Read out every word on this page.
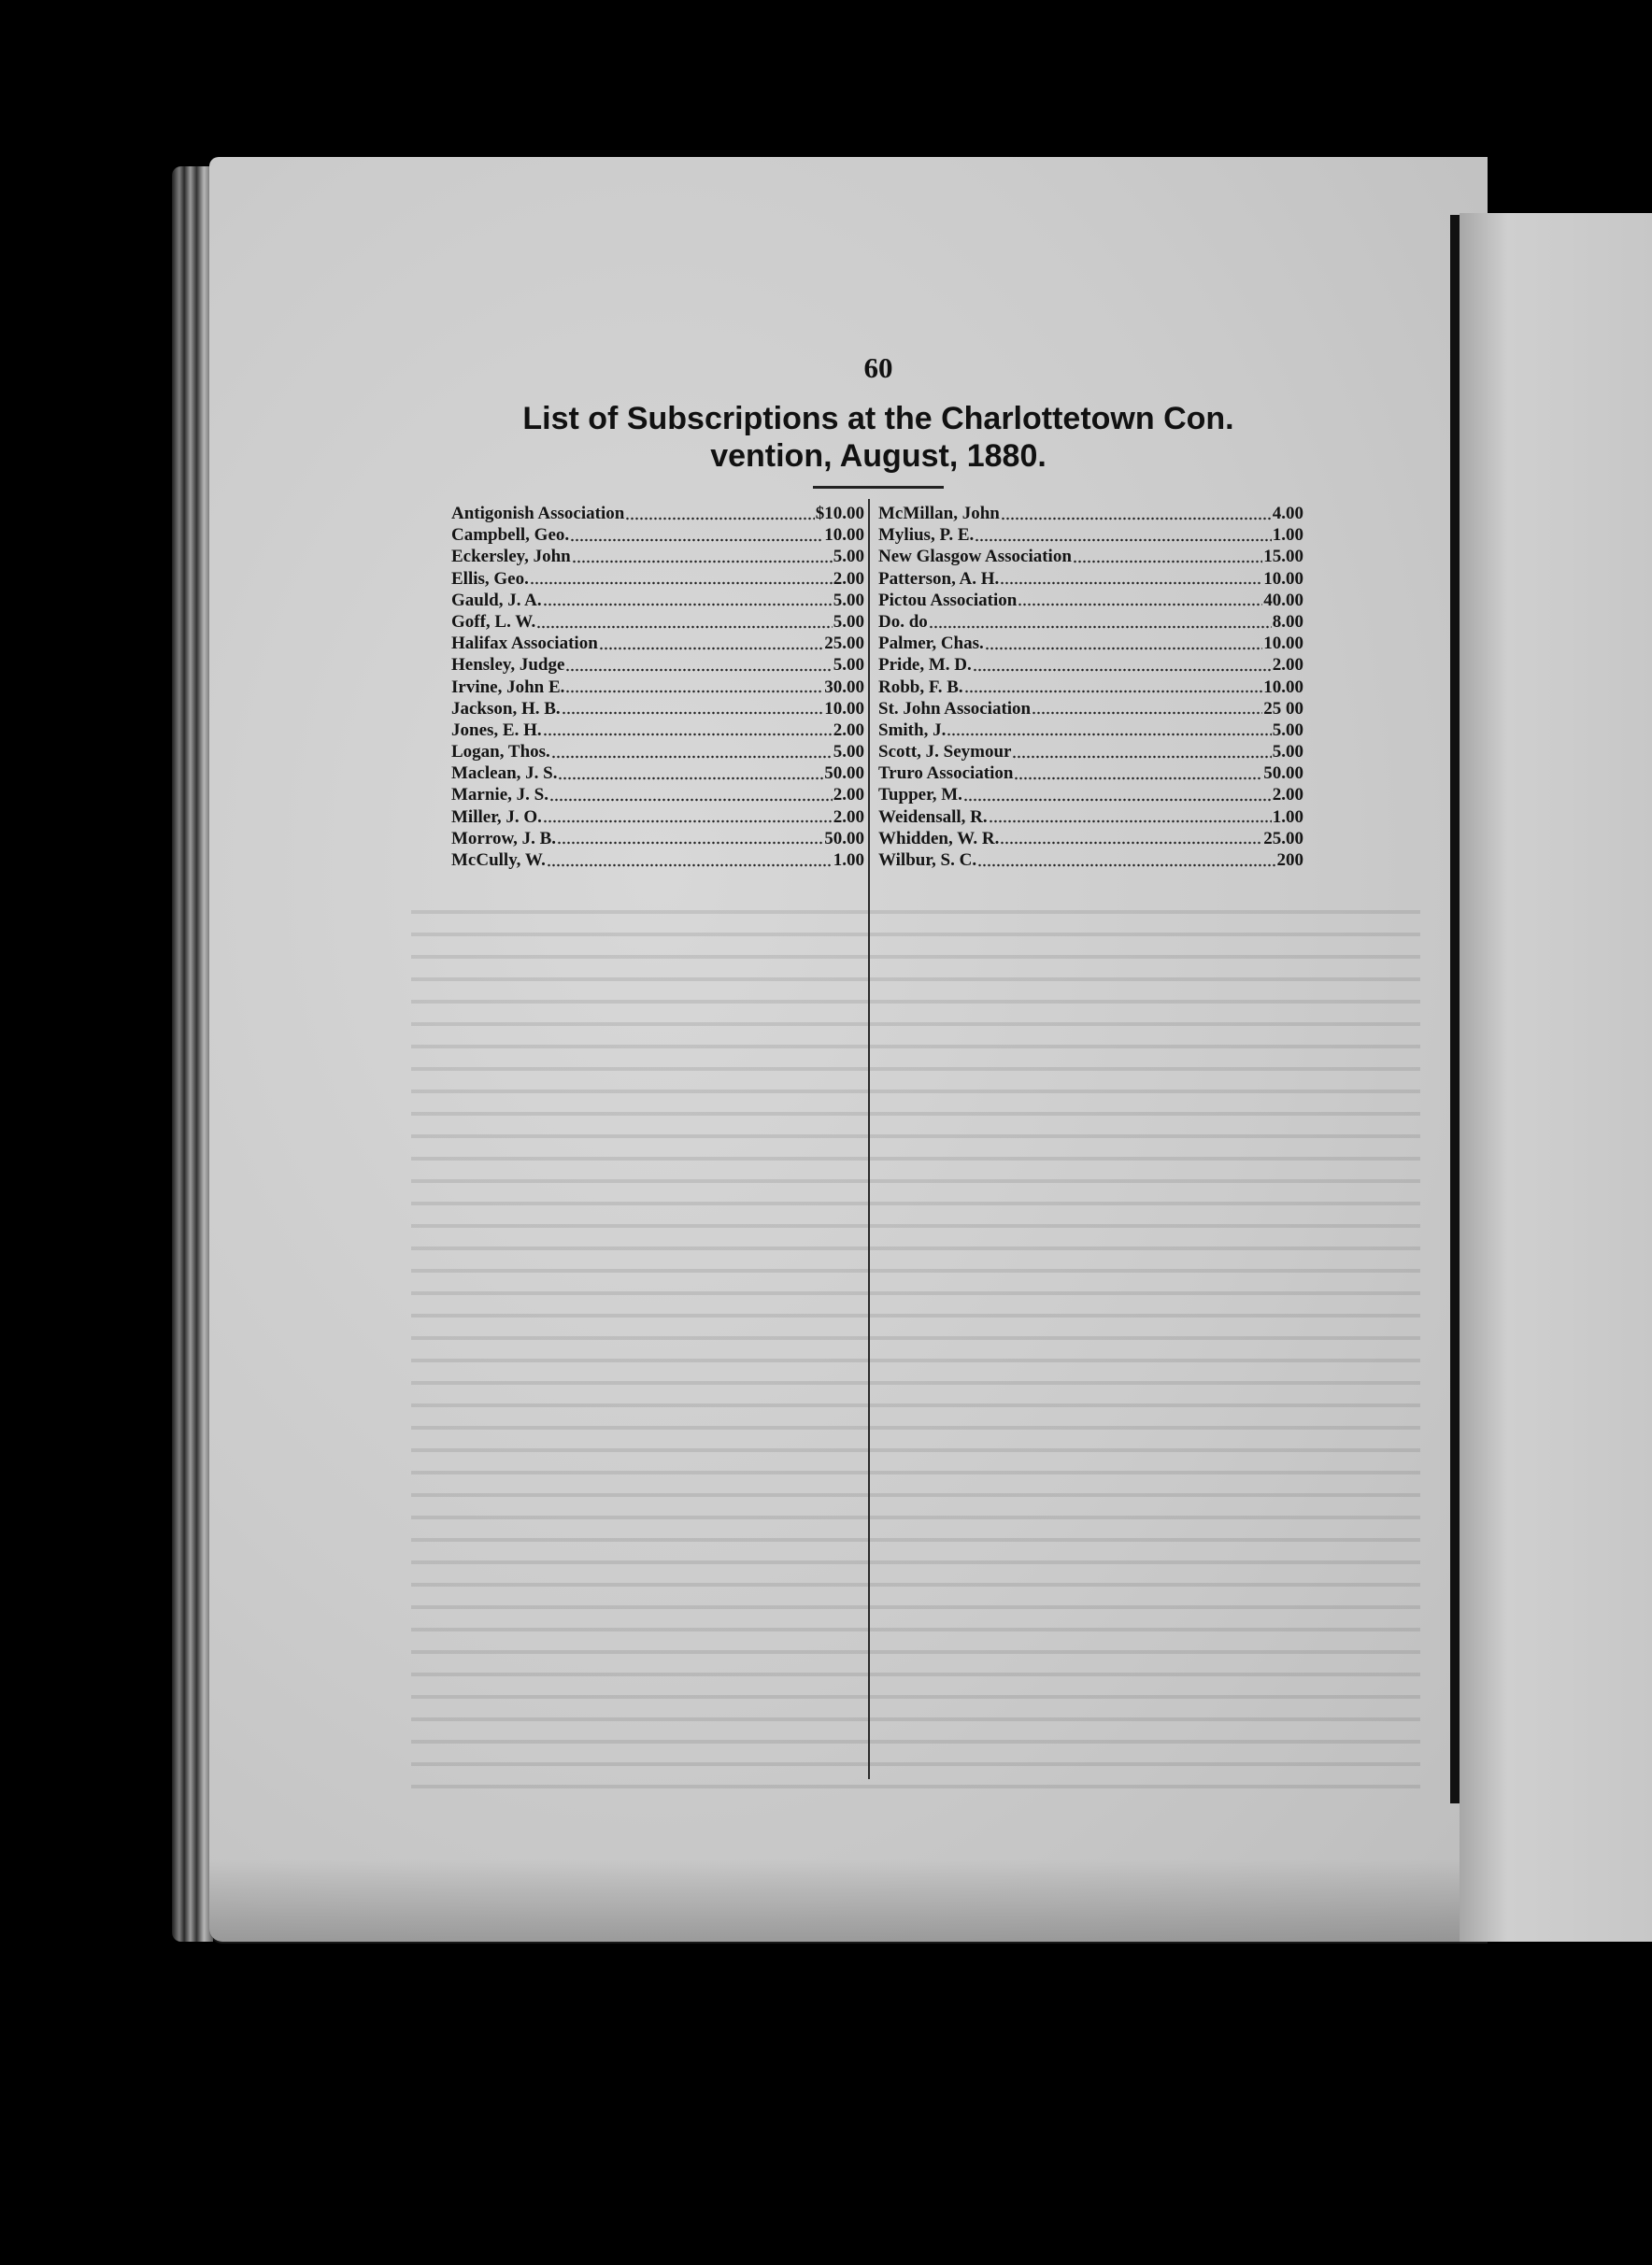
60
List of Subscriptions at the Charlottetown Con.
vention, August, 1880.
Antigonish Association	$10.00
Campbell, Geo.	10.00
Eckersley, John	5.00
Ellis, Geo.	2.00
Gauld, J. A.	5.00
Goff, L. W.	5.00
Halifax Association	25.00
Hensley, Judge	5.00
Irvine, John E.	30.00
Jackson, H. B.	10.00
Jones, E. H.	2.00
Logan, Thos.	5.00
Maclean, J. S.	50.00
Marnie, J. S.	2.00
Miller, J. O.	2.00
Morrow, J. B.	50.00
McCully, W.	1.00
McMillan, John	4.00
Mylius, P. E.	1.00
New Glasgow Association	15.00
Patterson, A. H.	10.00
Pictou Association	40.00
Do. do	8.00
Palmer, Chas.	10.00
Pride, M. D.	2.00
Robb, F. B.	10.00
St. John Association	25 00
Smith, J.	5.00
Scott, J. Seymour	5.00
Truro Association	50.00
Tupper, M.	2.00
Weidensall, R.	1.00
Whidden, W. R.	25.00
Wilbur, S. C.	200
